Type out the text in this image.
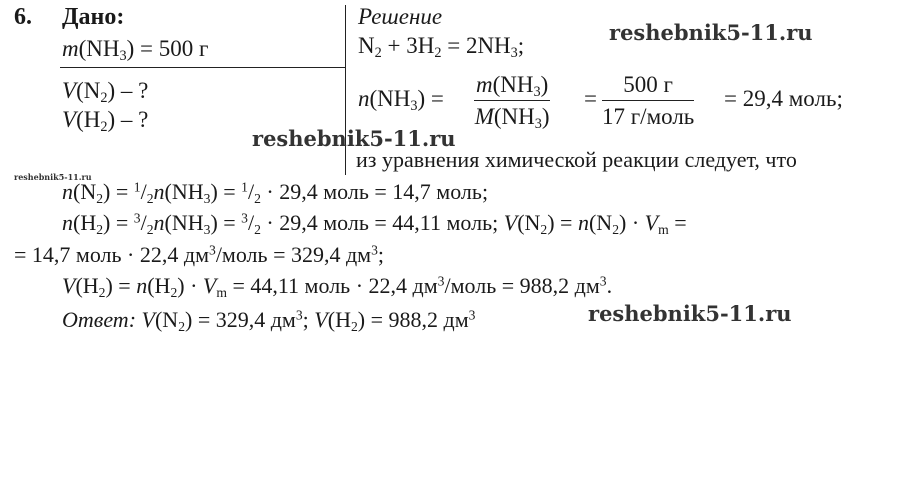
6. Дано:
$m(NH_3) = 500$ г
$V(N_2)$ – ?
$V(H_2)$ – ?
Решение
$N_2 + 3H_2 = 2NH_3$;
$n(NH_3) = \frac{m(NH_3)}{M(NH_3)}$ =
500 г
17 г/моль
= 29,4 моль;
из уравнения химической реакции следует, что
$n(N_2) = ^1/_2n(NH_3) = ^1/_2 \cdot 29,4$ моль = 14,7 моль;
$n(H_2) = ^3/_2n(NH_3) = ^3/_2 \cdot 29,4$ моль = 44,11 моль; $V(N_2) = n(N_2) \cdot V_m$ =
= 14,7 моль · 22,4 $дм^3$/моль = 329,4 $дм^3$;
$V(H_2) = n(H_2) \cdot V_m = 44,11$ моль · 22,4 $дм^3$/моль = 988,2 $дм^3$.
Ответ: $V(N_2) = 329,4$ $дм^3$; $V(H_2) = 988,2$ $дм^3$
reshebnik5-11.ru
reshebnik5-11.ru
reshebnik5-11.ru
reshebnik5-11.ru
